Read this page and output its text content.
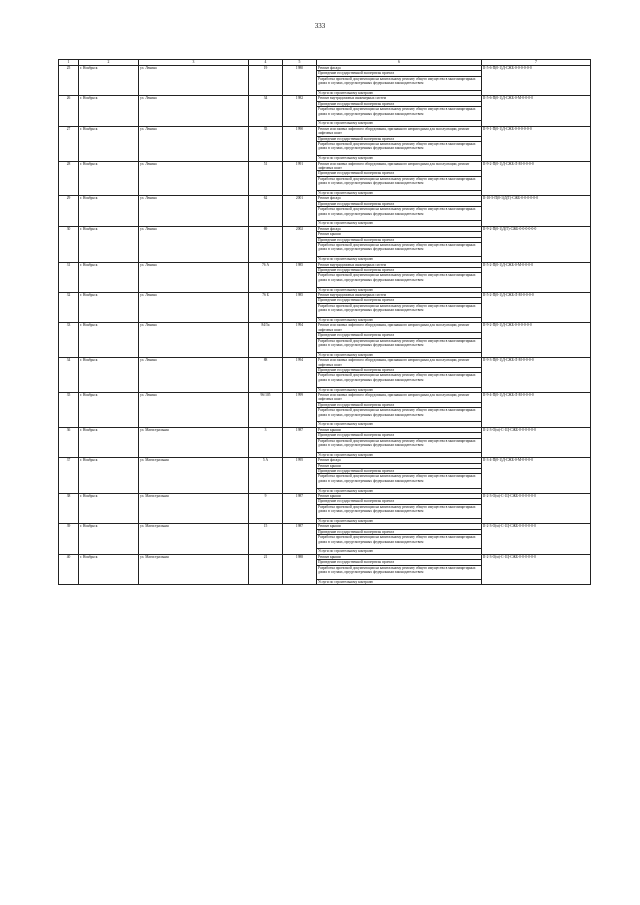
333
1	2	3	4	5	6	7
25	г. Ноябрьск	ул. Ленина	19	1980	Ремонт фасада
Проведение государственной экспертизы проекта
Разработка проектной документации на капитальному ремонту общего имущества в многоквартирных домах в случаях, предусмотренных федеральным законодательством
Услуги по строительному контролю	II-5-6-П(0-1)Д-СЖБ-0-0-0-0-0-0
26	г. Ноябрьск	ул. Ленина	34	1982	Ремонт внутридомовых инженерных систем
Проведение государственной экспертизы проекта
Разработка проектной документации на капитальному ремонту общего имущества в многоквартирных домах в случаях, предусмотренных федеральным законодательством
Услуги по строительному контролю	II-5-6-П(0-1)Д-СЖБ-0-М-0-0-0-0
27	г. Ноябрьск	ул. Ленина	35	1990	Ремонт или замена лифтового оборудования, признанного непригодным для эксплуатации, ремонт лифтовых шахт
Проведение государственной экспертизы проекта
Разработка проектной документации на капитальному ремонту общего имущества в многоквартирных домах в случаях, предусмотренных федеральным законодательством
Услуги по строительному контролю	II-9-1-П(0-1)Д-СЖБ-0-0-0-0-0-0
28	г. Ноябрьск	ул. Ленина	51	1991	Ремонт или замена лифтового оборудования, признанного непригодным для эксплуатации, ремонт лифтовых шахт
Проведение государственной экспертизы проекта
Разработка проектной документации на капитальному ремонту общего имущества в многоквартирных домах в случаях, предусмотренных федеральным законодательством
Услуги по строительному контролю	II-9-2-П(0-1)Д-СЖБ-Л-М-0-0-0-0
29	г. Ноябрьск	ул. Ленина	62	2001	Ремонт фасада
Проведение государственной экспертизы проекта
Разработка проектной документации на капитальному ремонту общего имущества в многоквартирных домах в случаях, предусмотренных федеральным законодательством
Услуги по строительному контролю	II-10-5-П(0-1)Д(Т)-СЖБ-0-0-0-0-0-0
30	г. Ноябрьск	ул. Ленина	69	2002	Ремонт фасада
Ремонт крыши
Проведение государственной экспертизы проекта
Разработка проектной документации на капитальному ремонту общего имущества в многоквартирных домах в случаях, предусмотренных федеральным законодательством
Услуги по строительному контролю	II-9-2-П(0-1)Д(Т)-СЖБ-0-0-0-0-0-0
31	г. Ноябрьск	ул. Ленина	76 А	1985	Ремонт внутридомовых инженерных систем
Проведение государственной экспертизы проекта
Разработка проектной документации на капитальному ремонту общего имущества в многоквартирных домах в случаях, предусмотренных федеральным законодательством
Услуги по строительному контролю	II-5-2-П(0-1)Д-СЖБ-0-М-0-0-0-0
32	г. Ноябрьск	ул. Ленина	76 Б	1985	Ремонт внутридомовых инженерных систем
Проведение государственной экспертизы проекта
Разработка проектной документации на капитальному ремонту общего имущества в многоквартирных домах в случаях, предусмотренных федеральным законодательством
Услуги по строительному контролю	II-5-2-П(0-1)Д-СЖБ-Л-М-0-0-0-0
33	г. Ноябрьск	ул. Ленина	84/5а	1994	Ремонт или замена лифтового оборудования, признанного непригодным для эксплуатации, ремонт лифтовых шахт
Проведение государственной экспертизы проекта
Разработка проектной документации на капитальному ремонту общего имущества в многоквартирных домах в случаях, предусмотренных федеральным законодательством
Услуги по строительному контролю	II-9-2-П(0-1)Д-СЖБ-0-0-0-0-0-0
34	г. Ноябрьск	ул. Ленина	88	1994	Ремонт или замена лифтового оборудования, признанного непригодным для эксплуатации, ремонт лифтовых шахт
Проведение государственной экспертизы проекта
Разработка проектной документации на капитальному ремонту общего имущества в многоквартирных домах в случаях, предусмотренных федеральным законодательством
Услуги по строительному контролю	II-9-3-П(0-1)Д-СЖБ-Л-М-0-0-0-0
35	г. Ноябрьск	ул. Ленина	96/105	1999	Ремонт или замена лифтового оборудования, признанного непригодным для эксплуатации, ремонт лифтовых шахт
Проведение государственной экспертизы проекта
Разработка проектной документации на капитальному ремонту общего имущества в многоквартирных домах в случаях, предусмотренных федеральным законодательством
Услуги по строительному контролю	II-9-4-П(0-1)Д-СЖБ-Л-М-0-0-0-0
36	г. Ноябрьск	ул. Магистральная	3	1987	Ремонт крыши
Проведение государственной экспертизы проекта
Разработка проектной документации на капитальному ремонту общего имущества в многоквартирных домах в случаях, предусмотренных федеральным законодательством
Услуги по строительному контролю	II-2-3-О(м)-С-1Ц-СЖБ-0-0-0-0-0-0
37	г. Ноябрьск	ул. Магистральная	5 А	1995	Ремонт фасада
Ремонт крыши
Проведение государственной экспертизы проекта
Разработка проектной документации на капитальному ремонту общего имущества в многоквартирных домах в случаях, предусмотренных федеральным законодательством
Услуги по строительному контролю	II-3-4-П(0-1)Д-СЖБ-0-М-0-0-0-0
38	г. Ноябрьск	ул. Магистральная	9	1987	Ремонт крыши
Проведение государственной экспертизы проекта
Разработка проектной документации на капитальному ремонту общего имущества в многоквартирных домах в случаях, предусмотренных федеральным законодательством
Услуги по строительному контролю	II-2-3-О(м)-С-1Ц-СЖБ-0-0-0-0-0-0
39	г. Ноябрьск	ул. Магистральная	15	1987	Ремонт крыши
Проведение государственной экспертизы проекта
Разработка проектной документации на капитальному ремонту общего имущества в многоквартирных домах в случаях, предусмотренных федеральным законодательством
Услуги по строительному контролю	II-2-3-О(м)-С-1Ц-СЖБ-0-0-0-0-0-0
40	г. Ноябрьск	ул. Магистральная	21	1988	Ремонт крыши
Проведение государственной экспертизы проекта
Разработка проектной документации на капитальному ремонту общего имущества в многоквартирных домах в случаях, предусмотренных федеральным законодательством
Услуги по строительному контролю	II-2-3-О(м)-С-1Ц-СЖБ-0-0-0-0-0-0
